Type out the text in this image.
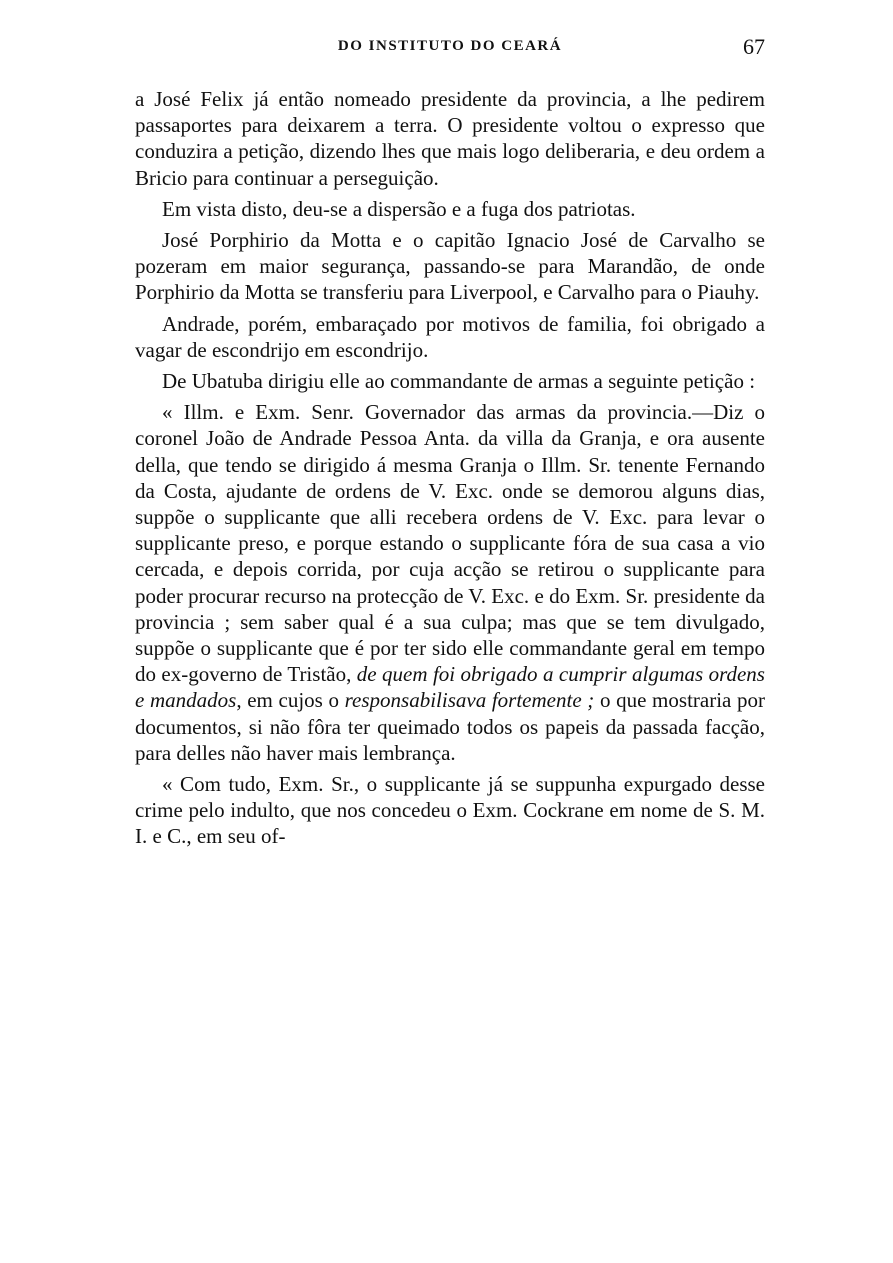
DO INSTITUTO DO CEARÁ	67

a José Felix já então nomeado presidente da provincia, a lhe pedirem passaportes para deixarem a terra. O presidente voltou o expresso que conduzira a petição, dizendo lhes que mais logo deliberaria, e deu ordem a Bricio para continuar a perseguição.

Em vista disto, deu-se a dispersão e a fuga dos patriotas.

José Porphirio da Motta e o capitão Ignacio José de Carvalho se pozeram em maior segurança, passando-se para Marandão, de onde Porphirio da Motta se transferiu para Liverpool, e Carvalho para o Piauhy.

Andrade, porém, embaraçado por motivos de familia, foi obrigado a vagar de escondrijo em escondrijo.

De Ubatuba dirigiu elle ao commandante de armas a seguinte petição :

« Illm. e Exm. Senr. Governador das armas da provincia.—Diz o coronel João de Andrade Pessoa Anta. da villa da Granja, e ora ausente della, que tendo se dirigido á mesma Granja o Illm. Sr. tenente Fernando da Costa, ajudante de ordens de V. Exc. onde se demorou alguns dias, suppõe o supplicante que alli recebera ordens de V. Exc. para levar o supplicante preso, e porque estando o supplicante fóra de sua casa a vio cercada, e depois corrida, por cuja acção se retirou o supplicante para poder procurar recurso na protecção de V. Exc. e do Exm. Sr. presidente da provincia ; sem saber qual é a sua culpa; mas que se tem divulgado, suppõe o supplicante que é por ter sido elle commandante geral em tempo do ex-governo de Tristão, de quem foi obrigado a cumprir algumas ordens e mandados, em cujos o responsabilisava fortemente ; o que mostraria por documentos, si não fôra ter queimado todos os papeis da passada facção, para delles não haver mais lembrança.

« Com tudo, Exm. Sr., o supplicante já se suppunha expurgado desse crime pelo indulto, que nos concedeu o Exm. Cockrane em nome de S. M. I. e C., em seu of-
